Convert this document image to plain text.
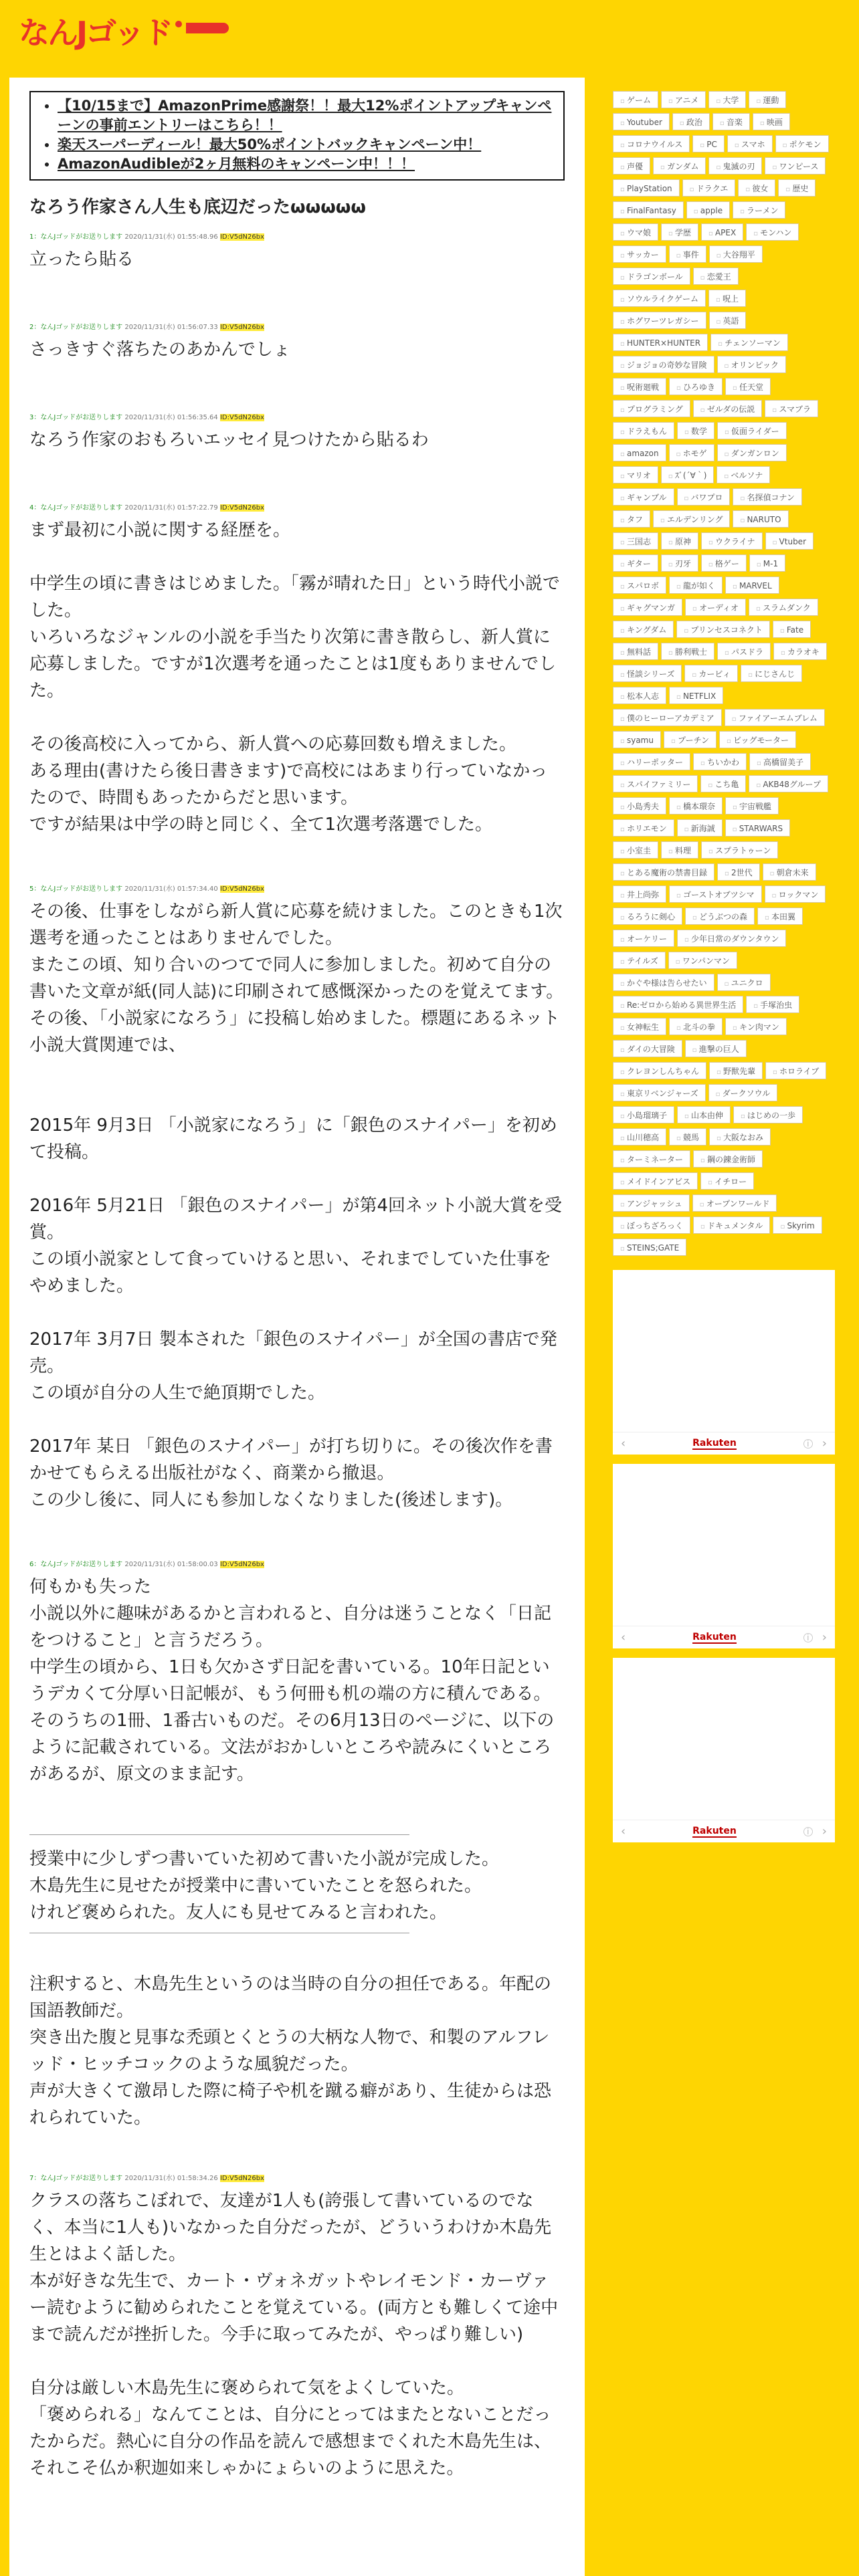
なんJゴッド
• 【10/15まで】AmazonPrime感謝祭！！最大12%ポイントアップキャンペーンの事前エントリーはこちら！！
• 楽天スーパーディール！最大50%ポイントバックキャンペーン中！
• AmazonAudibleが2ヶ月無料のキャンペーン中！！！
なろう作家さん人生も底辺だったωωωωω
1：なんJゴッドがお送りします 2020/11/31(水) 01:55:48.96 ID:V5dN26bx
立ったら貼る
2：なんJゴッドがお送りします 2020/11/31(水) 01:56:07.33 ID:V5dN26bx
さっきすぐ落ちたのあかんでしょ
3：なんJゴッドがお送りします 2020/11/31(水) 01:56:35.64 ID:V5dN26bx
なろう作家のおもろいエッセイ見つけたから貼るわ
4：なんJゴッドがお送りします 2020/11/31(水) 01:57:22.79 ID:V5dN26bx
まず最初に小説に関する経歴を。

中学生の頃に書きはじめました。「霧が晴れた日」という時代小説でした。
いろいろなジャンルの小説を手当たり次第に書き散らし、新人賞に応募しました。ですが1次選考を通ったことは1度もありませんでした。

その後高校に入ってから、新人賞への応募回数も増えました。
ある理由(書けたら後日書きます)で高校にはあまり行っていなかったので、時間もあったからだと思います。
ですが結果は中学の時と同じく、全て1次選考落選でした。
5：なんJゴッドがお送りします 2020/11/31(水) 01:57:34.40 ID:V5dN26bx
その後、仕事をしながら新人賞に応募を続けました。このときも1次選考を通ったことはありませんでした。
またこの頃、知り合いのつてで同人に参加しました。初めて自分の書いた文章が紙(同人誌)に印刷されて感慨深かったのを覚えてます。
その後、「小説家になろう」に投稿し始めました。標題にあるネット小説大賞関連では、

2015年 9月3日 「小説家になろう」に「銀色のスナイパー」を初めて投稿。

2016年 5月21日 「銀色のスナイパー」が第4回ネット小説大賞を受賞。
この頃小説家として食っていけると思い、それまでしていた仕事をやめました。

2017年 3月7日 製本された「銀色のスナイパー」が全国の書店で発売。
この頃が自分の人生で絶頂期でした。

2017年 某日 「銀色のスナイパー」が打ち切りに。その後次作を書かせてもらえる出版社がなく、商業から撤退。
この少し後に、同人にも参加しなくなりました(後述します)。
6：なんJゴッドがお送りします 2020/11/31(水) 01:58:00.03 ID:V5dN26bx
何もかも失った
小説以外に趣味があるかと言われると、自分は迷うことなく「日記をつけること」と言うだろう。
中学生の頃から、1日も欠かさず日記を書いている。10年日記というデカくて分厚い日記帳が、もう何冊も机の端の方に積んである。
そのうちの1冊、1番古いものだ。その6月13日のページに、以下のように記載されている。文法がおかしいところや読みにくいところがあるが、原文のまま記す。
授業中に少しずつ書いていた初めて書いた小説が完成した。
木島先生に見せたが授業中に書いていたことを怒られた。
けれど褒められた。友人にも見せてみると言われた。
注釈すると、木島先生というのは当時の自分の担任である。年配の国語教師だ。
突き出た腹と見事な禿頭とくとうの大柄な人物で、和製のアルフレッド・ヒッチコックのような風貌だった。
声が大きくて激昂した際に椅子や机を蹴る癖があり、生徒からは恐れられていた。
7：なんJゴッドがお送りします 2020/11/31(水) 01:58:34.26 ID:V5dN26bx
クラスの落ちこぼれで、友達が1人も(誇張して書いているのでなく、本当に1人も)いなかった自分だったが、どういうわけか木島先生とはよく話した。
本が好きな先生で、カート・ヴォネガットやレイモンド・カーヴァー読むように勧められたことを覚えている。(両方とも難しくて途中まで読んだが挫折した。今手に取ってみたが、やっぱり難しい)

自分は厳しい木島先生に褒められて気をよくしていた。
「褒められる」なんてことは、自分にとってはまたとないことだったからだ。熱心に自分の作品を読んで感想までくれた木島先生は、それこそ仏か釈迦如来しゃかにょらいのように思えた。
▫ ゲーム	▫ アニメ	▫ 大学	▫ 運動
▫ Youtuber	▫ 政治	▫ 音楽	▫ 映画
▫ コロナウイルス	▫ PC	▫ スマホ	▫ ポケモン
▫ 声優	▫ ガンダム	▫ 鬼滅の刃	▫ ワンピース
▫ PlayStation	▫ ドラクエ	▫ 彼女	▫ 歴史
▫ FinalFantasy	▫ apple	▫ ラーメン
▫ ウマ娘	▫ 学歴	▫ APEX	▫ モンハン
▫ サッカー	▫ 事件	▫ 大谷翔平
▫ ドラゴンボール	▫ 恋愛王
▫ ソウルライクゲーム	▫ 呪上
▫ ホグワーツレガシー	▫ 英語
▫ HUNTER×HUNTER	▫ チェンソーマン
▫ ジョジョの奇妙な冒険	▫ オリンピック
▫ 呪術廻戦	▫ ひろゆき	▫ 任天堂
▫ プログラミング	▫ ゼルダの伝説	▫ スマブラ
▫ ドラえもん	▫ 数学	▫ 仮面ライダー
▫ amazon	▫ ホモゲ	▫ ダンガンロン
▫ マリオ	▫ ｽﾞ(´∀｀)	▫ ベルソナ
▫ ギャンブル	▫ バワプロ	▫ 名探偵コナン
▫ タフ	▫ エルデンリング	▫ NARUTO
▫ 三国志	▫ 原神	▫ ウクライナ	▫ Vtuber
▫ ギター	▫ 刃牙	▫ 格ゲー	▫ M-1
▫ スパロボ	▫ 龍が如く	▫ MARVEL
▫ ギャグマンガ	▫ オーディオ	▫ スラムダンク
▫ キングダム	▫ プリンセスコネクト	▫ Fate
▫ 無料話	▫ 勝利戦士	▫ パスドラ	▫ カラオキ
▫ 怪談シリーズ	▫ カービィ	▫ にじさんじ
▫ 松本人志	▫ NETFLIX
▫ 僕のヒーローアカデミア	▫ ファイアーエムブレム
▫ syamu	▫ プーチン	▫ ビッグモーター
▫ ハリーポッター	▫ ちいかわ	▫ 高橋留美子
▫ スパイファミリー	▫ こち亀	▫ AKB48グループ
▫ 小島秀夫	▫ 橋本環奈	▫ 宇宙戦艦
▫ ホリエモン	▫ 新海誠	▫ STARWARS
▫ 小室圭	▫ 料理	▫ スプラトゥーン
▫ とある魔術の禁書目録	▫ 2世代	▫ 朝倉未来
▫ 井上尚弥	▫ ゴーストオブツシマ	▫ ロックマン
▫ るろうに剣心	▫ どうぶつの森	▫ 本田翼
▫ オーケリー	▫ 少年日常のダウンタウン
▫ テイルズ	▫ ワンパンマン
▫ かぐや様は告らせたい	▫ ユニクロ
▫ Re:ゼロから始める異世界生活	▫ 手塚治虫
▫ 女神転生	▫ 北斗の拳	▫ キン肉マン
▫ ダイの大冒険	▫ 進撃の巨人
▫ クレヨンしんちゃん	▫ 野獣先輩	▫ ホロライブ
▫ 東京リベンジャーズ	▫ ダークソウル
▫ 小島瑠璃子	▫ 山本由伸	▫ はじめの一歩
▫ 山川穂高	▫ 競馬	▫ 大阪なおみ
▫ ターミネーター	▫ 鋼の錬金術師
▫ メイドインアビス	▫ イチロー
▫ アンジャッシュ	▫ オープンワールド
▫ ぼっちざろっく	▫ ドキュメンタル	▫ Skyrim
▫ STEINS;GATE
‹	Rakuten	i ›
‹	Rakuten	i ›
‹	Rakuten	i ›
